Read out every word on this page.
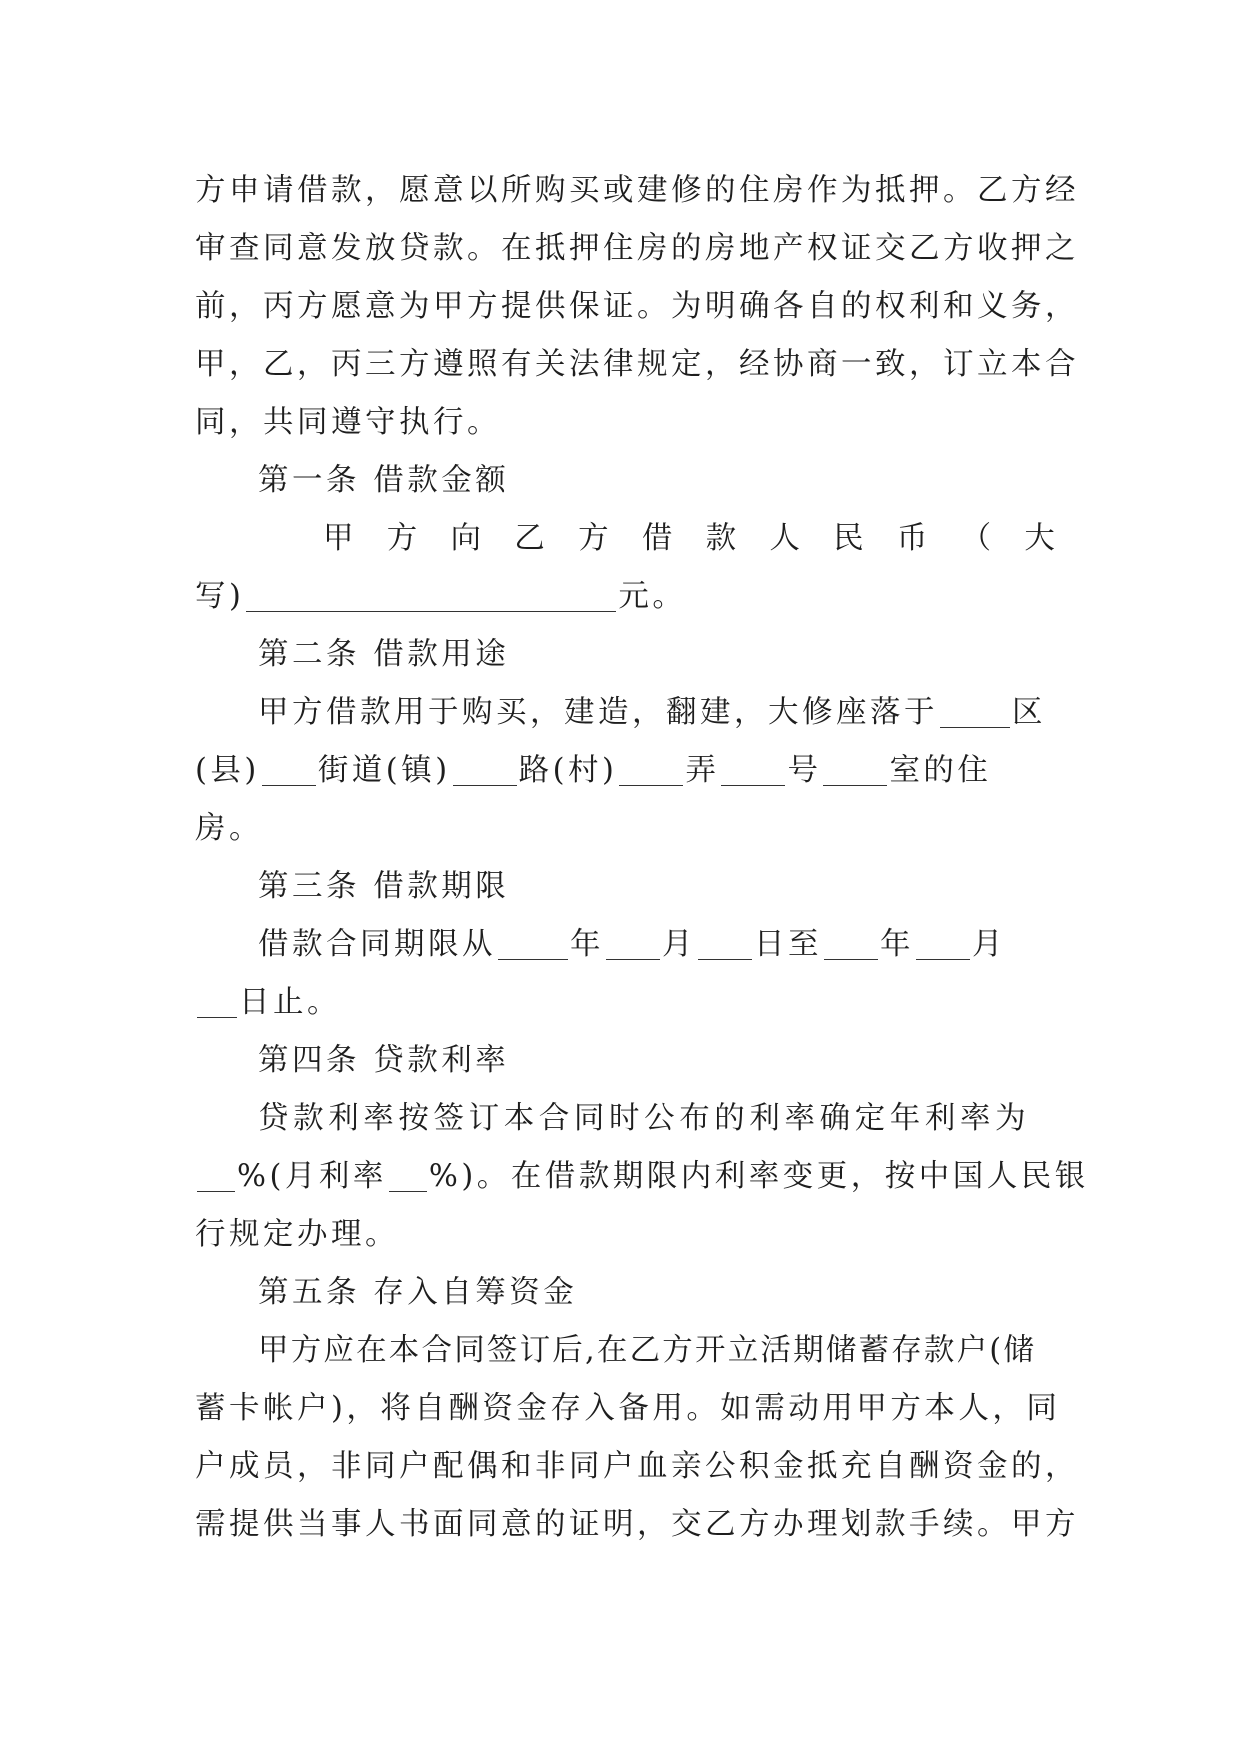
方申请借款，愿意以所购买或建修的住房作为抵押。乙方经
审查同意发放贷款。在抵押住房的房地产权证交乙方收押之
前，丙方愿意为甲方提供保证。为明确各自的权利和义务，
甲，乙，丙三方遵照有关法律规定，经协商一致，订立本合
同，共同遵守执行。
第一条 借款金额
甲 方 向 乙 方 借 款 人 民 币 （ 大
写)	元。
第二条 借款用途
甲方借款用于购买，建造，翻建，大修座落于 区
(县) 街道(镇) 路(村) 弄 号 室的住
房。
第三条 借款期限
借款合同期限从 年 月 日至 年 月
日止。
第四条 贷款利率
贷款利率按签订本合同时公布的利率确定年利率为
%(月利率 %)。在借款期限内利率变更，按中国人民银
行规定办理。
第五条 存入自筹资金
甲方应在本合同签订后,在乙方开立活期储蓄存款户(储
蓄卡帐户)，将自酬资金存入备用。如需动用甲方本人，同
户成员，非同户配偶和非同户血亲公积金抵充自酬资金的，
需提供当事人书面同意的证明，交乙方办理划款手续。甲方
